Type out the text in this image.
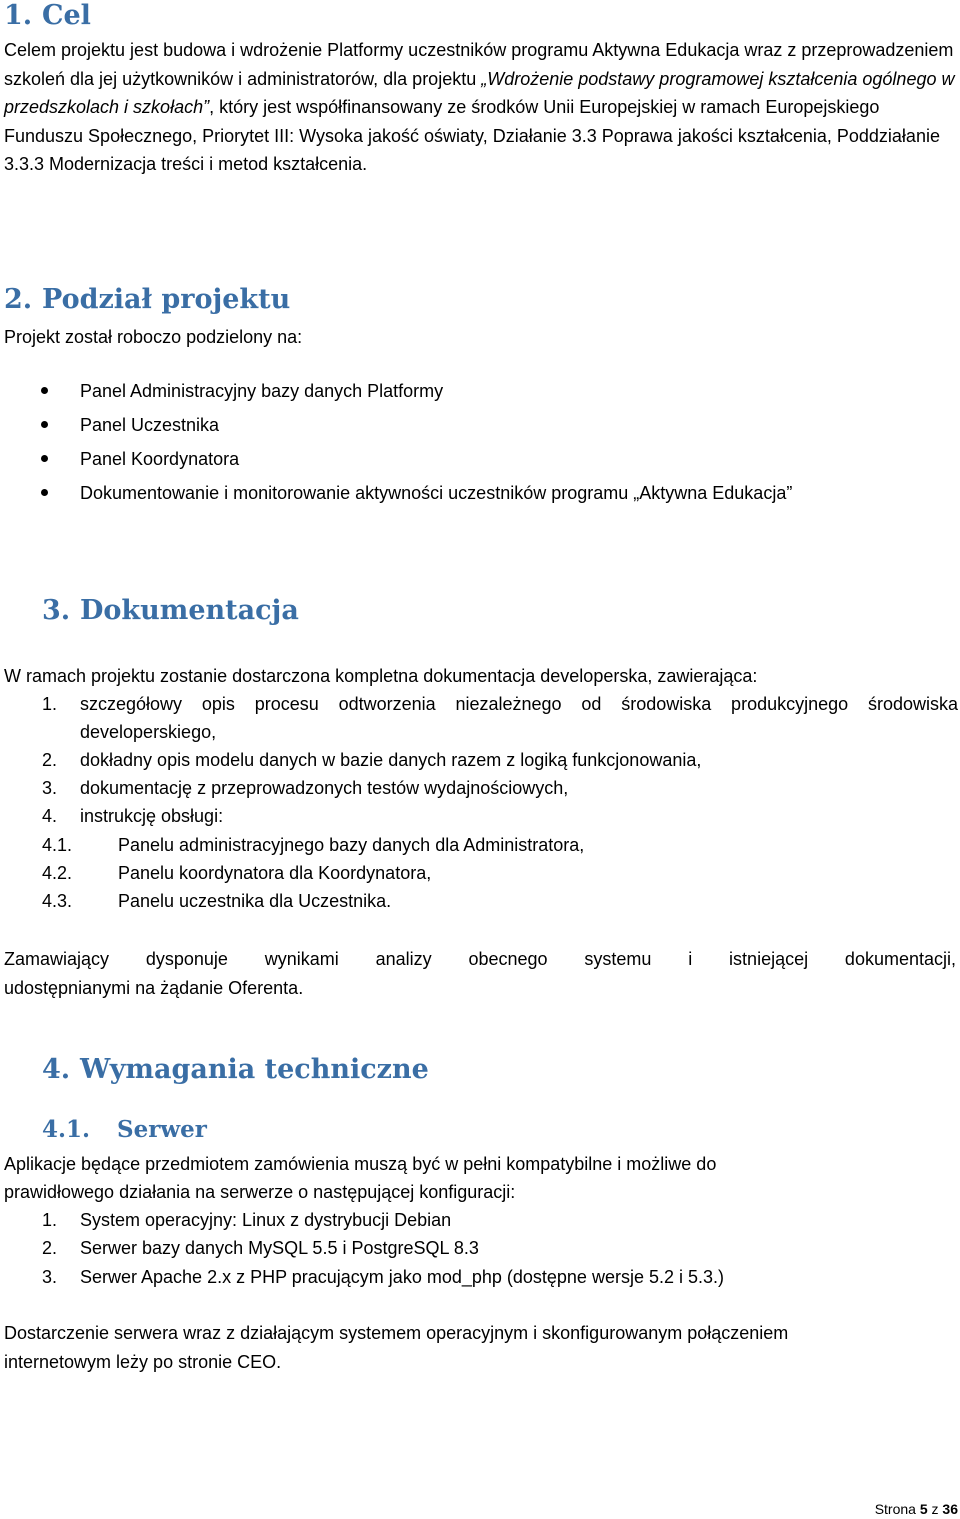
1. Cel
Celem projektu jest budowa i wdrożenie Platformy uczestników programu Aktywna Edukacja wraz z przeprowadzeniem szkoleń dla jej użytkowników i administratorów, dla projektu „Wdrożenie podstawy programowej kształcenia ogólnego w przedszkolach i szkołach”, który jest współfinansowany ze środków Unii Europejskiej w ramach Europejskiego Funduszu Społecznego, Priorytet III: Wysoka jakość oświaty, Działanie 3.3 Poprawa jakości kształcenia, Poddziałanie 3.3.3 Modernizacja treści i metod kształcenia.
2. Podział projektu
Projekt został roboczo podzielony na:
Panel Administracyjny bazy danych Platformy
Panel Uczestnika
Panel Koordynatora
Dokumentowanie i monitorowanie aktywności uczestników programu „Aktywna Edukacja”
3. Dokumentacja
W ramach projektu zostanie dostarczona kompletna dokumentacja developerska, zawierająca:
1. szczegółowy opis procesu odtworzenia niezależnego od środowiska produkcyjnego środowiska developerskiego,
2. dokładny opis modelu danych w bazie danych razem z logiką funkcjonowania,
3. dokumentację z przeprowadzonych testów wydajnościowych,
4. instrukcję obsługi:
4.1.	Panelu administracyjnego bazy danych dla Administratora,
4.2.	Panelu koordynatora dla Koordynatora,
4.3.	Panelu uczestnika dla Uczestnika.
Zamawiający dysponuje wynikami analizy obecnego systemu i istniejącej dokumentacji,
udostępnianymi na żądanie Oferenta.
4. Wymagania techniczne
4.1. Serwer
Aplikacje będące przedmiotem zamówienia muszą być w pełni kompatybilne i możliwe do
prawidłowego działania na serwerze o następującej konfiguracji:
1. System operacyjny: Linux z dystrybucji Debian
2. Serwer bazy danych MySQL 5.5 i PostgreSQL 8.3
3. Serwer Apache 2.x z PHP pracującym jako mod_php (dostępne wersje 5.2 i 5.3.)
Dostarczenie serwera wraz z działającym systemem operacyjnym i skonfigurowanym połączeniem
internetowym leży po stronie CEO.
Strona 5 z 36
